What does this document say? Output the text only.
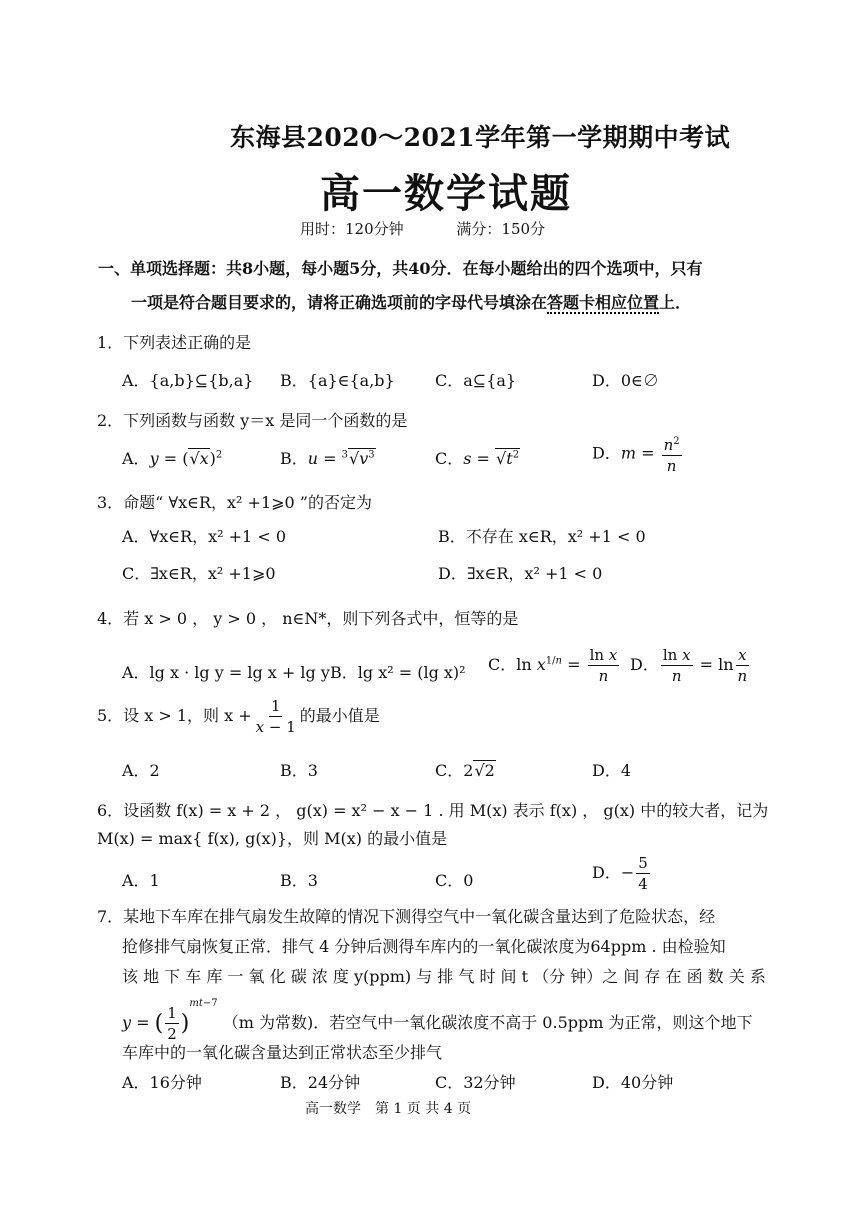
东海县2020～2021学年第一学期期中考试
高一数学试题
用时：120分钟	满分：150分
一、单项选择题：共8小题，每小题5分，共40分．在每小题给出的四个选项中，只有
一项是符合题目要求的，请将正确选项前的字母代号填涂在答题卡相应位置上．
1．下列表述正确的是
A．{a,b}⊆{b,a} B．{a}∈{a,b}	C．a⊆{a}	D．0∈∅
2．下列函数与函数 y＝x 是同一个函数的是
A．$y = (√x)^2$	B．$u = ^3√v^3$	C．$s = √t^2$	D．$m = \frac{n^2}{n}$
3．命题“ ∀x∈R，x² +1⩾0 ”的否定为
A．∀x∈R，x² +1 < 0	B．不存在 x∈R，x² +1 < 0
C．∃x∈R，x² +1⩾0	D．∃x∈R，x² +1 < 0
4．若 x > 0 ， y > 0 ， n∈N*，则下列各式中，恒等的是
A．lg x · lg y = lg x + lg y B．lg x² = (lg x)² C．$\ln x^{1/n} = \frac{\text{ln x}}{n}$ D． $\frac{\text{ln x}}{n} = \ln \frac{x}{n}$
5．设 x > 1，则 $x + \frac{1}{x - 1}$ 的最小值是
A．2	B．3	C．2√2	D．4
6．设函数 f(x) = x + 2 ， g(x) = x² − x − 1 . 用 M(x) 表示 f(x) ， g(x) 中的较大者，记为
M(x) = max{ f(x), g(x)}，则 M(x) 的最小值是
A．1	B．3	C．0	D．− $\frac{5}{4}$
7．某地下车库在排气扇发生故障的情况下测得空气中一氧化碳含量达到了危险状态，经
抢修排气扇恢复正常．排气 4 分钟后测得车库内的一氧化碳浓度为64ppm . 由检验知
该 地 下 车 库 一 氧 化 碳 浓 度 y(ppm) 与 排 气 时 间 t （分 钟）之 间 存 在 函 数 关 系
y = ( $\frac{1}{2} )^{mt-7}$ （m 为常数)．若空气中一氧化碳浓度不高于 0.5ppm 为正常，则这个地下
车库中的一氧化碳含量达到正常状态至少排气
A．16分钟	B．24分钟	C．32分钟	D．40分钟
高一数学　第 1 页 共 4 页
